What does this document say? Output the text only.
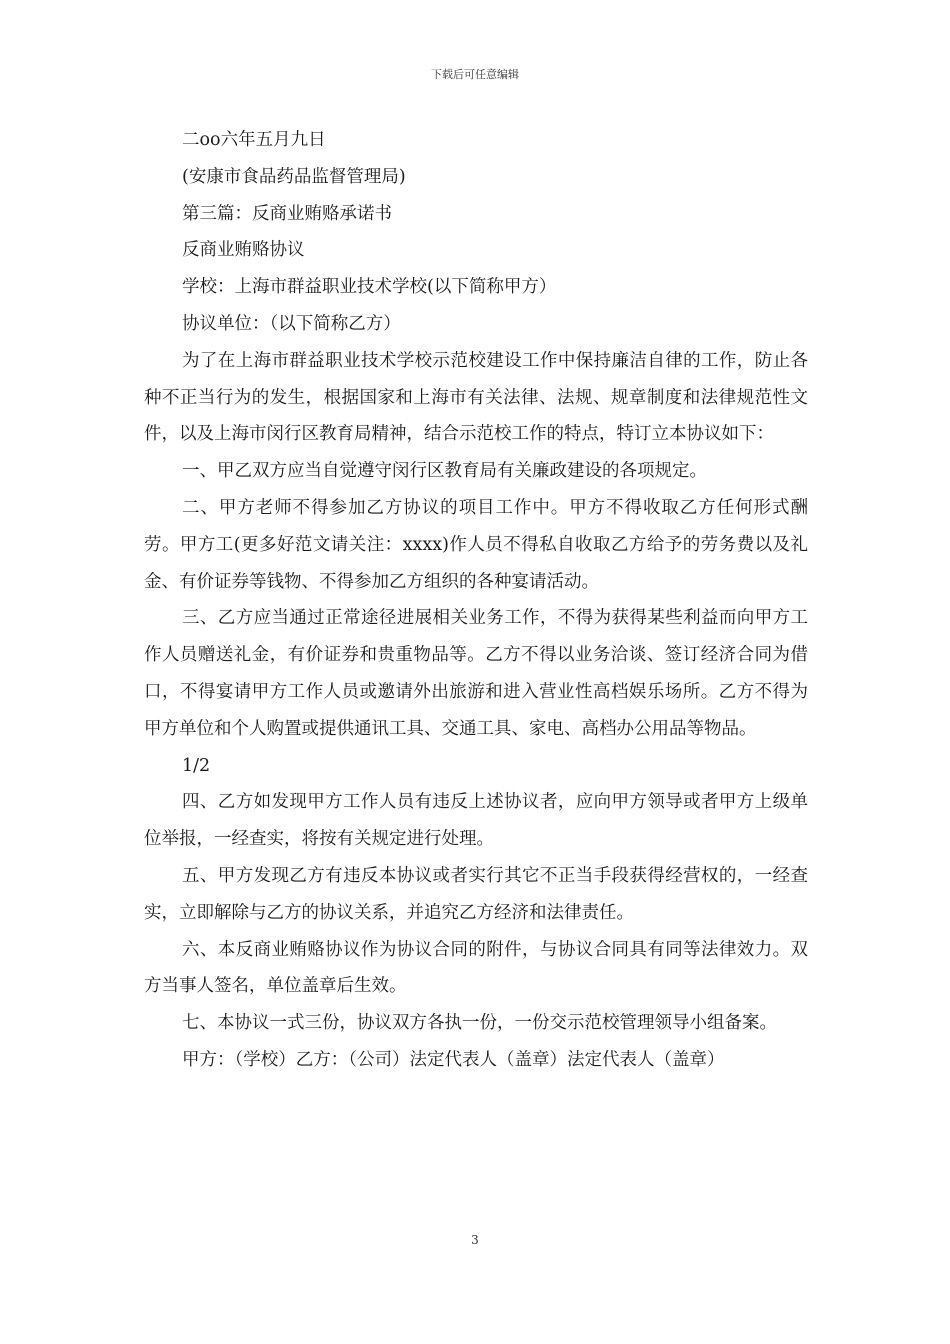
下载后可任意编辑
二oo六年五月九日
(安康市食品药品监督管理局)
第三篇：反商业贿赂承诺书
反商业贿赂协议
学校：上海市群益职业技术学校(以下简称甲方）
协议单位：（以下简称乙方）
为了在上海市群益职业技术学校示范校建设工作中保持廉洁自律的工作，防止各种不正当行为的发生，根据国家和上海市有关法律、法规、规章制度和法律规范性文件，以及上海市闵行区教育局精神，结合示范校工作的特点，特订立本协议如下：
一、甲乙双方应当自觉遵守闵行区教育局有关廉政建设的各项规定。
二、甲方老师不得参加乙方协议的项目工作中。甲方不得收取乙方任何形式酬劳。甲方工(更多好范文请关注：xxxx)作人员不得私自收取乙方给予的劳务费以及礼金、有价证券等钱物、不得参加乙方组织的各种宴请活动。
三、乙方应当通过正常途径进展相关业务工作，不得为获得某些利益而向甲方工作人员赠送礼金，有价证券和贵重物品等。乙方不得以业务洽谈、签订经济合同为借口，不得宴请甲方工作人员或邀请外出旅游和进入营业性高档娱乐场所。乙方不得为甲方单位和个人购置或提供通讯工具、交通工具、家电、高档办公用品等物品。
1/2
四、乙方如发现甲方工作人员有违反上述协议者，应向甲方领导或者甲方上级单位举报，一经查实，将按有关规定进行处理。
五、甲方发现乙方有违反本协议或者实行其它不正当手段获得经营权的，一经查实，立即解除与乙方的协议关系，并追究乙方经济和法律责任。
六、本反商业贿赂协议作为协议合同的附件，与协议合同具有同等法律效力。双方当事人签名，单位盖章后生效。
七、本协议一式三份，协议双方各执一份，一份交示范校管理领导小组备案。
甲方：（学校）乙方：（公司）法定代表人（盖章）法定代表人（盖章）
3
